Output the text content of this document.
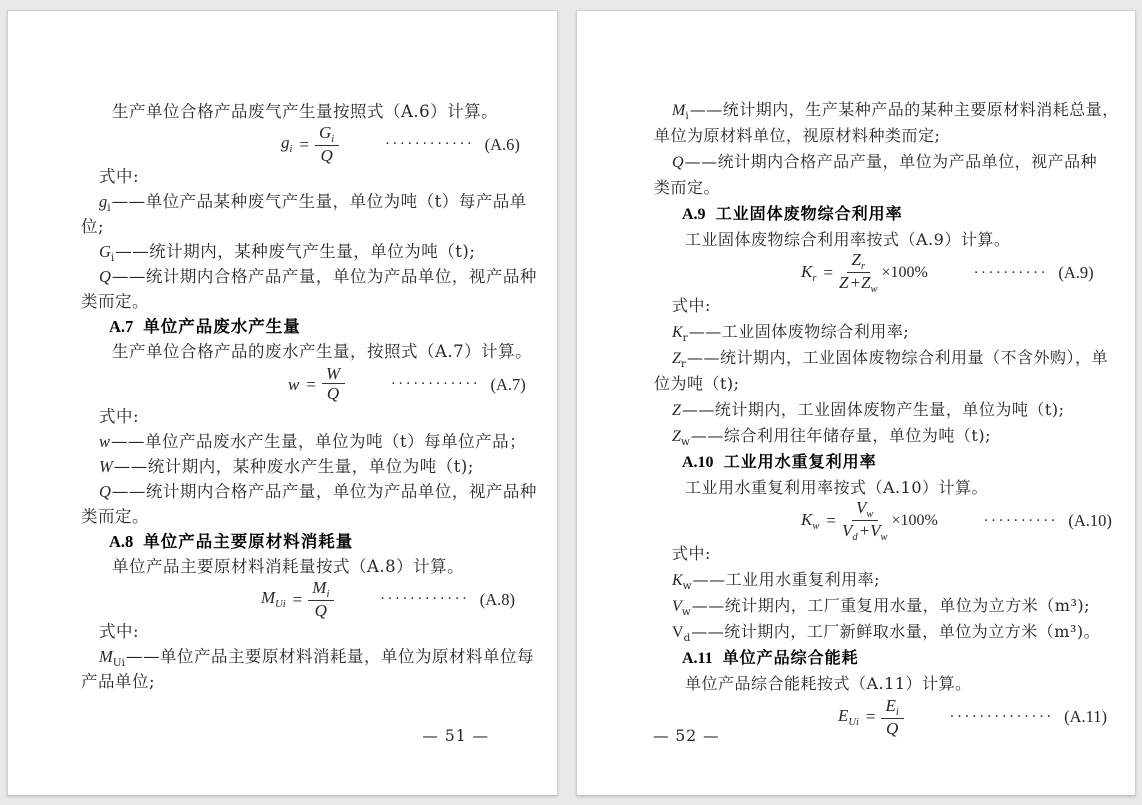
生产单位合格产品废气产生量按照式（A.6）计算。
$g_i = \frac{G_i}{Q}$	············ (A.6)
式中:
$g_i——$单位产品某种废气产生量，单位为吨（t）每产品单
位;
$G_i——$统计期内，某种废气产生量，单位为吨（t);
Q——统计期内合格产品产量，单位为产品单位，视产品种
类而定。
A.7 单位产品废水产生量
生产单位合格产品的废水产生量，按照式（A.7）计算。
$w = \frac{W}{Q}$	············ (A.7)
式中:
w——单位产品废水产生量，单位为吨（t）每单位产品；
W——统计期内，某种废水产生量，单位为吨（t);
Q——统计期内合格产品产量，单位为产品单位，视产品种
类而定。
A.8 单位产品主要原材料消耗量
单位产品主要原材料消耗量按式（A.8）计算。
$M_{Ui} = \frac{M_i}{Q}$	············ (A.8)
式中:
$M_{Ui}——$单位产品主要原材料消耗量，单位为原材料单位每
产品单位;
— 51 —
$M_i——$统计期内，生产某种产品的某种主要原材料消耗总量，
单位为原材料单位，视原材料种类而定;
Q——统计期内合格产品产量，单位为产品单位，视产品种
类而定。
A.9 工业固体废物综合利用率
工业固体废物综合利用率按式（A.9）计算。
$K_r = \frac{Z_r}{Z + Z_w} \times 100\%$	·········· (A.9)
式中:
$K_r——$工业固体废物综合利用率;
$Z_r——$统计期内，工业固体废物综合利用量（不含外购），单
位为吨（t);
Z——统计期内，工业固体废物产生量，单位为吨（t);
$Z_w——$综合利用往年储存量，单位为吨（t);
A.10 工业用水重复利用率
工业用水重复利用率按式（A.10）计算。
$K_w = \frac{V_w}{V_d + V_w} \times 100\%$	·········· (A.10)
式中:
$K_w——$工业用水重复利用率;
$V_w——$统计期内，工厂重复用水量，单位为立方米（m³);
$V_d——$统计期内，工厂新鲜取水量，单位为立方米（m³)。
A.11 单位产品综合能耗
单位产品综合能耗按式（A.11）计算。
$E_{Ui} = \frac{E_i}{Q}$	·············· (A.11)
— 52 —
